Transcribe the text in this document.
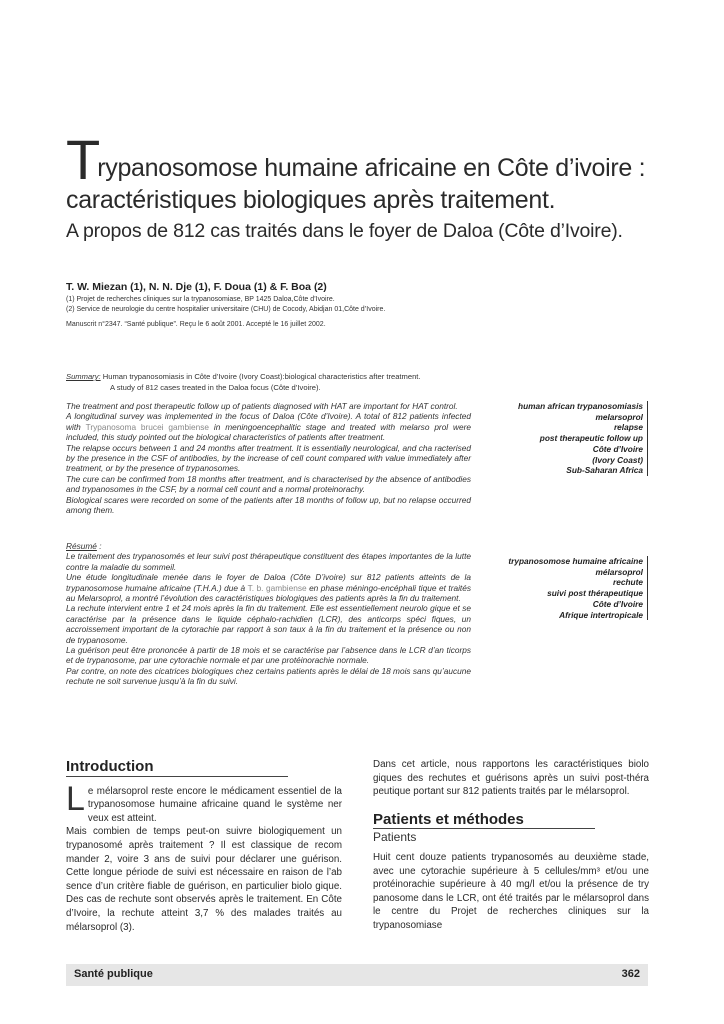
Trypanosomose humaine africaine en Côte d’ivoire :
caractéristiques biologiques après traitement.
A propos de 812 cas traités dans le foyer de Daloa (Côte d’Ivoire).
T. W. Miezan (1), N. N. Dje (1), F. Doua (1) & F. Boa (2)
(1) Projet de recherches cliniques sur la trypanosomiase, BP 1425 Daloa,Côte d’Ivoire.
(2) Service de neurologie du centre hospitalier universitaire (CHU) de Cocody, Abidjan 01,Côte d’Ivoire.
Manuscrit n°2347. “Santé publique”. Reçu le 6 août 2001. Accepté le 16 juillet 2002.
Summary: Human trypanosomiasis in Côte d’Ivoire (Ivory Coast):biological characteristics after treatment.
A study of 812 cases treated in the Daloa focus (Côte d’Ivoire).

The treatment and post therapeutic follow up of patients diagnosed with HAT are important for HAT control.

A longitudinal survey was implemented in the focus of Daloa (Côte d’Ivoire). A total of 812 patients infected with Trypanosoma brucei gambiense in meningoencephalitic stage and treated with melarso prol were included, this study pointed out the biological characteristics of patients after treatment.

The relapse occurs between 1 and 24 months after treatment. It is essentially neurological, and cha racterised by the presence in the CSF of antibodies, by the increase of cell count compared with value immediately after treatment, or by the presence of trypanosomes.

The cure can be confirmed from 18 months after treatment, and is characterised by the absence of antibodies and trypanosomes in the CSF, by a normal cell count and a normal proteinorachy.

Biological scares were recorded on some of the patients after 18 months of follow up, but no relapse occurred among them.

human african trypanosomiasis
melarsoprol
relapse
post therapeutic follow up
Côte d’Ivoire
(Ivory Coast)
Sub-Saharan Africa

Résumé :

Le traitement des trypanosomés et leur suivi post thérapeutique constituent des étapes importantes de la lutte contre la maladie du sommeil.

Une étude longitudinale menée dans le foyer de Daloa (Côte D’ivoire) sur 812 patients atteints de la trypanosomose humaine africaine (T.H.A.) due à T. b. gambiense en phase méningo-encéphali tique et traités au Melarsoprol, a montré l’évolution des caractéristiques biologiques des patients après la fin du traitement.

La rechute intervient entre 1 et 24 mois après la fin du traitement. Elle est essentiellement neurolo gique et se caractérise par la présence dans le liquide céphalo-rachidien (LCR), des anticorps spéci fiques, un accroissement important de la cytorachie par rapport à son taux à la fin du traitement et la présence ou non de trypanosome.

La guérison peut être prononcée à partir de 18 mois et se caractérise par l’absence dans le LCR d’an ticorps et de trypanosome, par une cytorachie normale et par une protéinorachie normale.

Par contre, on note des cicatrices biologiques chez certains patients après le délai de 18 mois sans qu’aucune rechute ne soit survenue jusqu’à la fin du suivi.

trypanosomose humaine africaine
mélarsoprol
rechute
suivi post thérapeutique
Côte d’Ivoire
Afrique intertropicale
Introduction

Le mélarsoprol reste encore le médicament essentiel de la trypanosomose humaine africaine quand le système ner veux est atteint.

Mais combien de temps peut-on suivre biologiquement un trypanosomé après traitement ? Il est classique de recom mander 2, voire 3 ans de suivi pour déclarer une guérison. Cette longue période de suivi est nécessaire en raison de l’ab sence d’un critère fiable de guérison, en particulier biolo gique. Des cas de rechute sont observés après le traitement. En Côte d’Ivoire, la rechute atteint 3,7 % des malades traités au mélarsoprol (3).

Dans cet article, nous rapportons les caractéristiques biolo giques des rechutes et guérisons après un suivi post-théra peutique portant sur 812 patients traités par le mélarsoprol.

Patients et méthodes
Patients

Huit cent douze patients trypanosomés au deuxième stade, avec une cytorachie supérieure à 5 cellules/mm³ et/ou une protéinorachie supérieure à 40 mg/l et/ou la présence de try panosome dans le LCR, ont été traités par le mélarsoprol dans le centre du Projet de recherches cliniques sur la trypanosomiase

Santé publique	362
